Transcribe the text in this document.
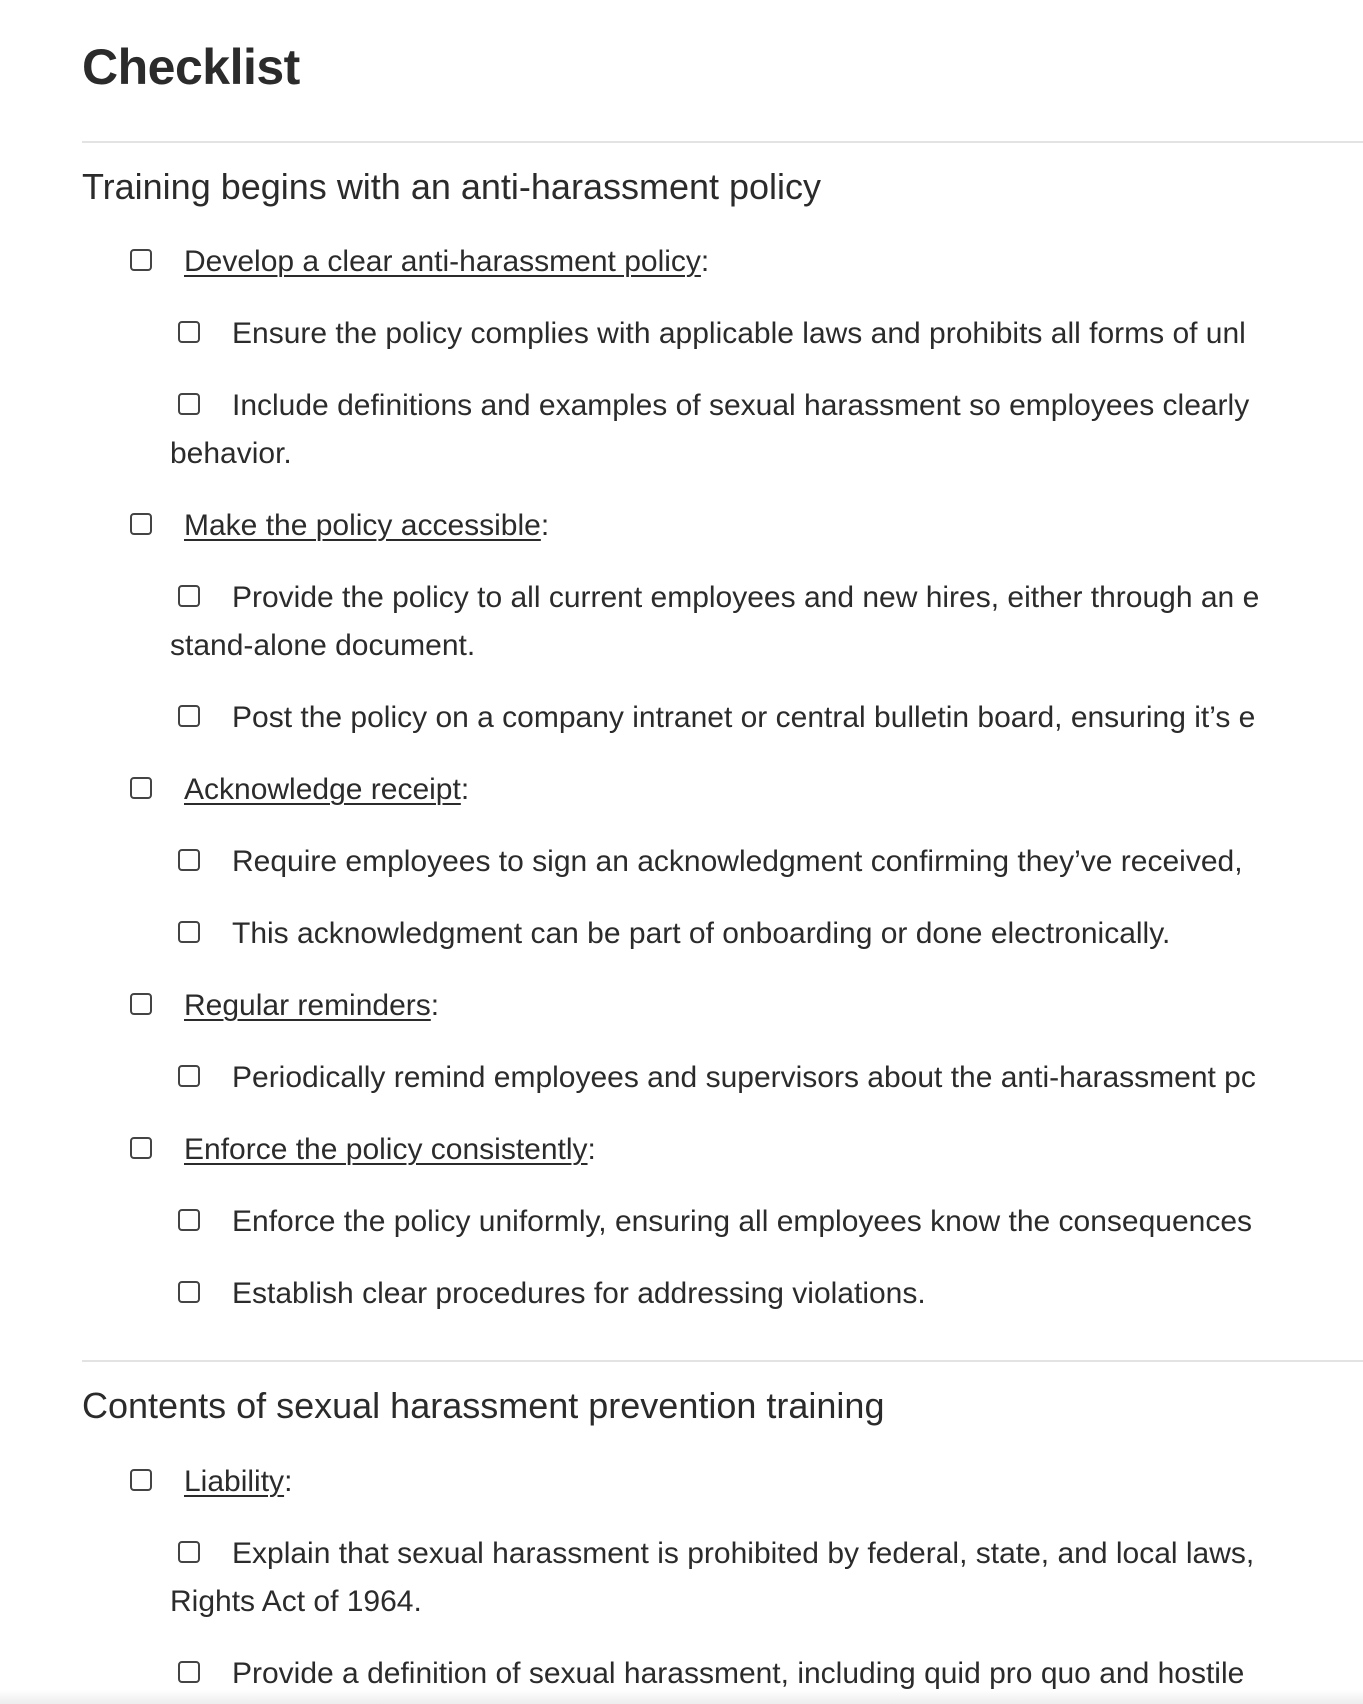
Checklist
Training begins with an anti-harassment policy
Develop a clear anti-harassment policy:
Ensure the policy complies with applicable laws and prohibits all forms of unl
Include definitions and examples of sexual harassment so employees clearly
behavior.
Make the policy accessible:
Provide the policy to all current employees and new hires, either through an e
stand-alone document.
Post the policy on a company intranet or central bulletin board, ensuring it’s e
Acknowledge receipt:
Require employees to sign an acknowledgment confirming they’ve received,
This acknowledgment can be part of onboarding or done electronically.
Regular reminders:
Periodically remind employees and supervisors about the anti-harassment pc
Enforce the policy consistently:
Enforce the policy uniformly, ensuring all employees know the consequences
Establish clear procedures for addressing violations.
Contents of sexual harassment prevention training
Liability:
Explain that sexual harassment is prohibited by federal, state, and local laws,
Rights Act of 1964.
Provide a definition of sexual harassment, including quid pro quo and hostile
